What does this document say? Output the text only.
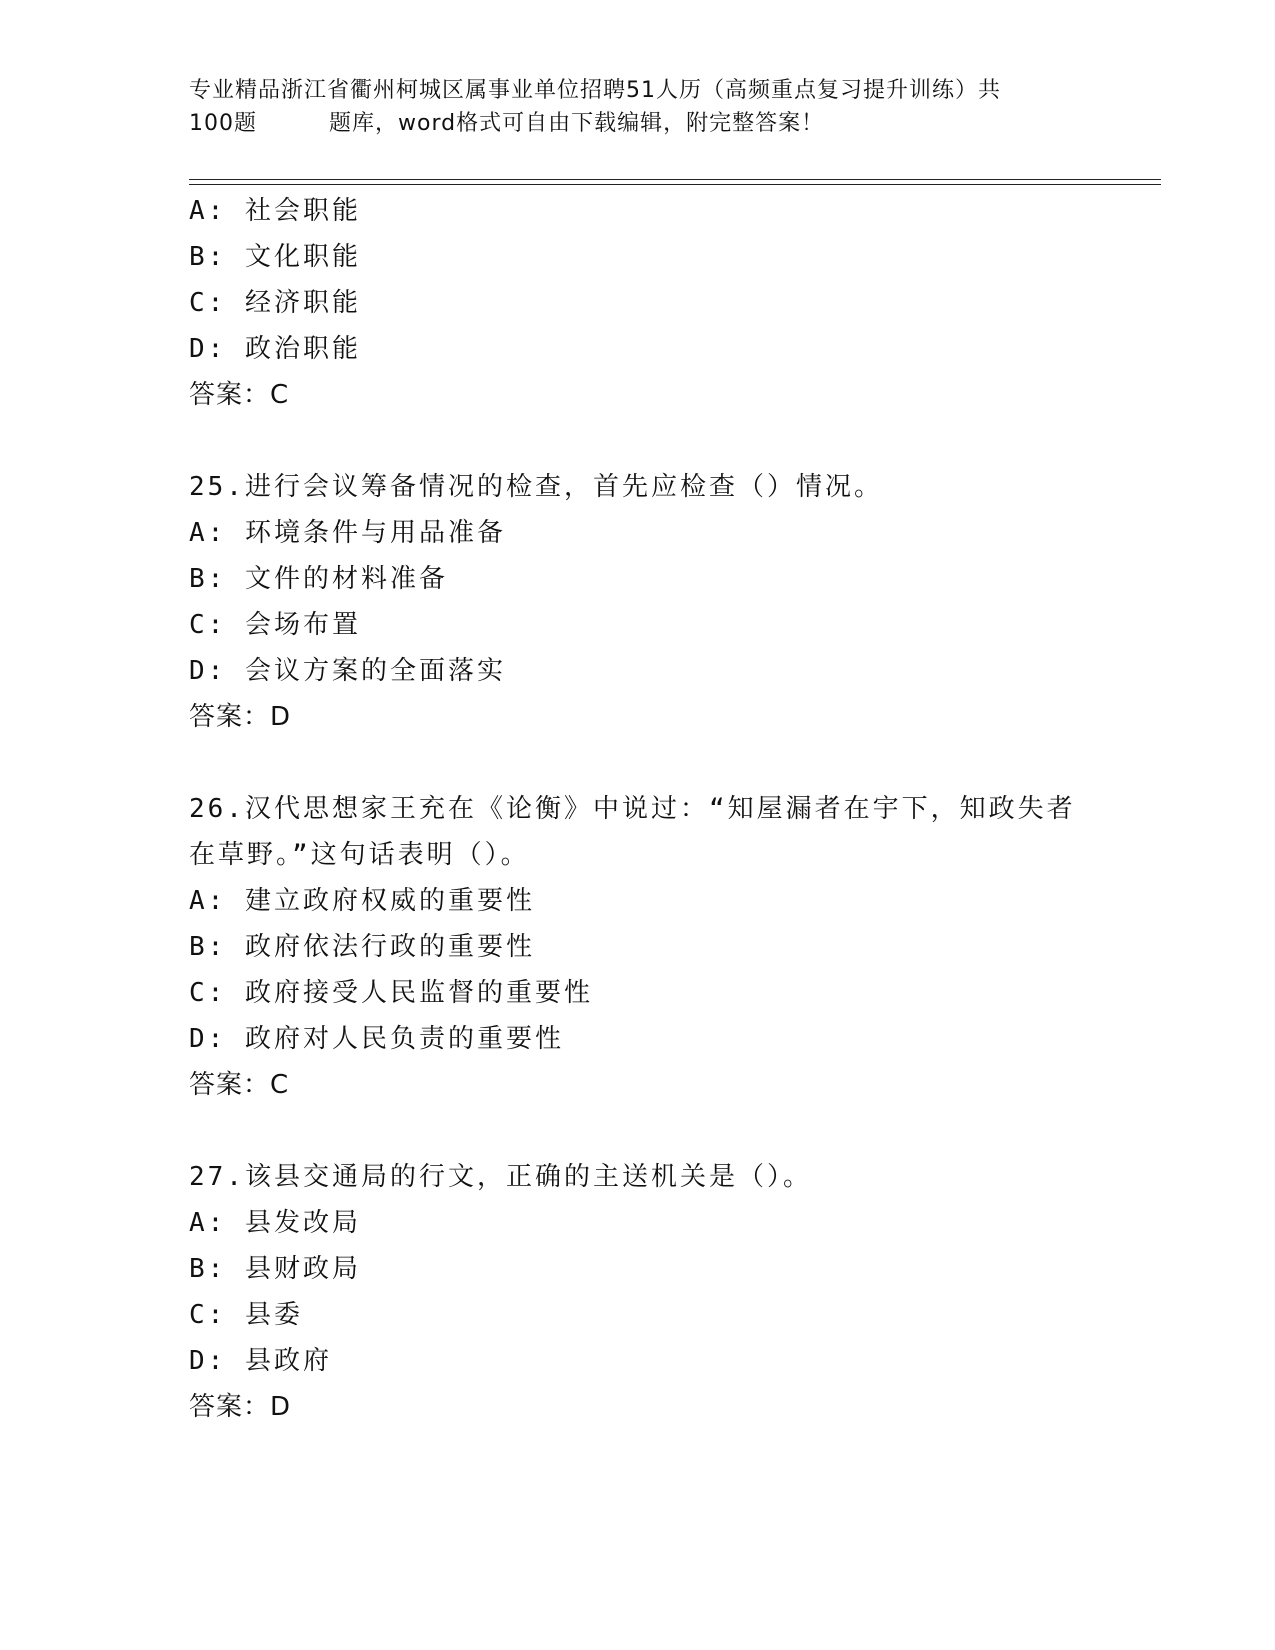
专业精品浙江省衢州柯城区属事业单位招聘51人历（高频重点复习提升训练）共
100题	题库，word格式可自由下载编辑，附完整答案！
A: 社会职能
B: 文化职能
C: 经济职能
D: 政治职能
答案：C
25.进行会议筹备情况的检查，首先应检查（）情况。
A: 环境条件与用品准备
B: 文件的材料准备
C: 会场布置
D: 会议方案的全面落实
答案：D
26.汉代思想家王充在《论衡》中说过：“知屋漏者在宇下，知政失者
在草野。”这句话表明（）。
A: 建立政府权威的重要性
B: 政府依法行政的重要性
C: 政府接受人民监督的重要性
D: 政府对人民负责的重要性
答案：C
27.该县交通局的行文，正确的主送机关是（）。
A: 县发改局
B: 县财政局
C: 县委
D: 县政府
答案：D
